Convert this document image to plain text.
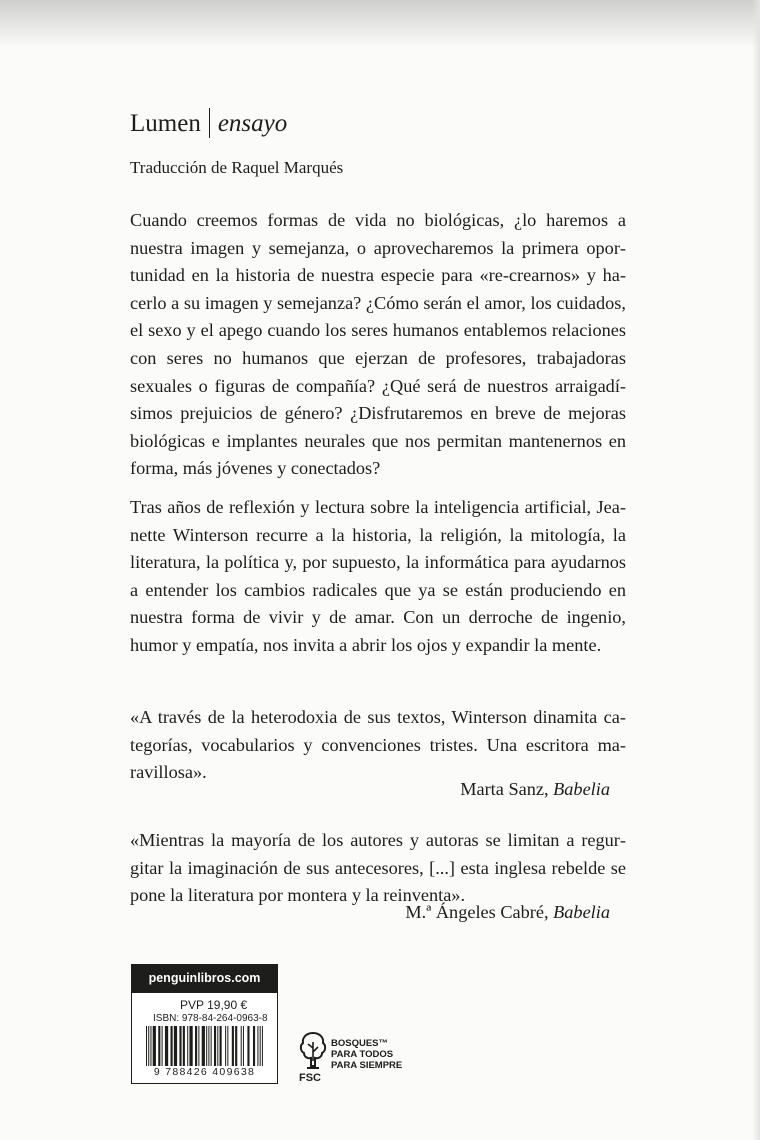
Lumen ensayo
Traducción de Raquel Marqués

Cuando creemos formas de vida no biológicas, ¿lo haremos a nuestra imagen y semejanza, o aprovecharemos la primera oportunidad en la historia de nuestra especie para «re-crearnos» y hacerlo a su imagen y semejanza? ¿Cómo serán el amor, los cuidados, el sexo y el apego cuando los seres humanos entablemos relaciones con seres no humanos que ejerzan de profesores, trabajadoras sexuales o figuras de compañía? ¿Qué será de nuestros arraigadísimos prejuicios de género? ¿Disfrutaremos en breve de mejoras biológicas e implantes neurales que nos permitan mantenernos en forma, más jóvenes y conectados?

Tras años de reflexión y lectura sobre la inteligencia artificial, Jeanette Winterson recurre a la historia, la religión, la mitología, la literatura, la política y, por supuesto, la informática para ayudarnos a entender los cambios radicales que ya se están produciendo en nuestra forma de vivir y de amar. Con un derroche de ingenio, humor y empatía, nos invita a abrir los ojos y expandir la mente.

«A través de la heterodoxia de sus textos, Winterson dinamita categorías, vocabularios y convenciones tristes. Una escritora maravillosa».

Marta Sanz, Babelia

«Mientras la mayoría de los autores y autoras se limitan a regurgitar la imaginación de sus antecesores, [...] esta inglesa rebelde se pone la literatura por montera y la reinventa».

M.ª Ángeles Cabré, Babelia
penguinlibros.com
PVP 19,90 €
ISBN: 978-84-264-0963-8
9 788426 409638	FSC
BOSQUES™
PARA TODOS
PARA SIEMPRE
